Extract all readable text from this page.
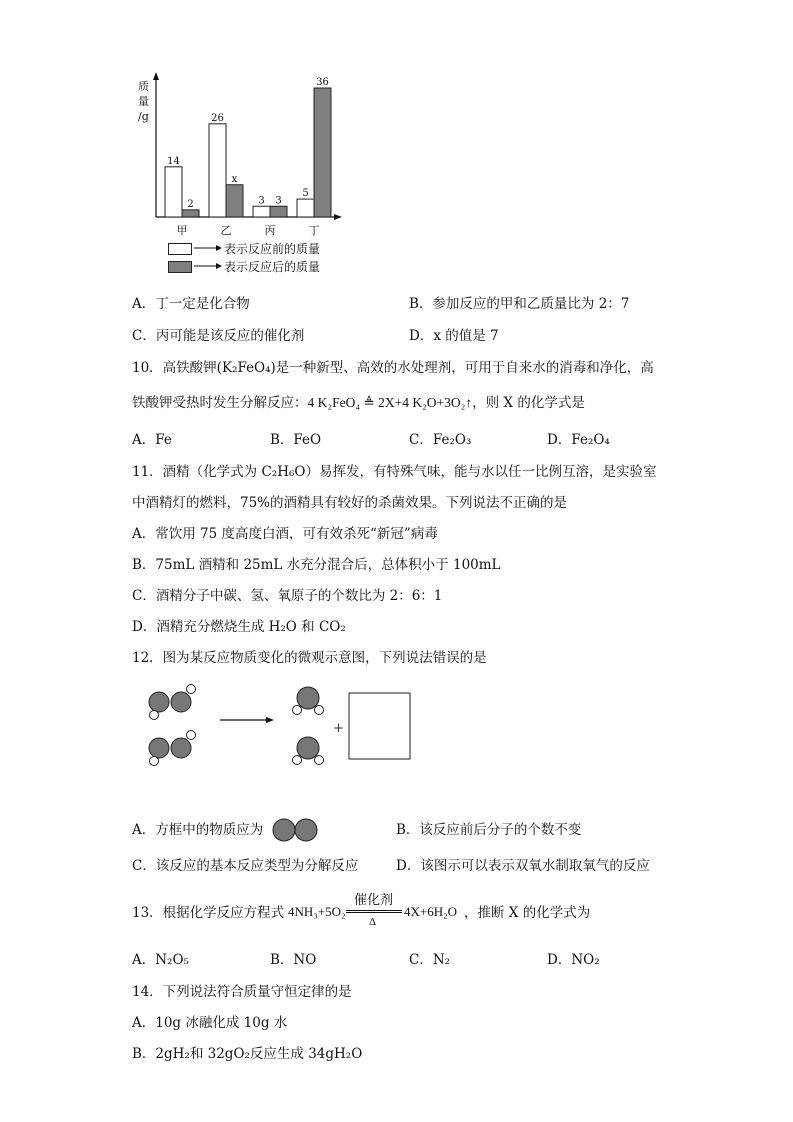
质
量
/g
14
2
26
x
3 3
5
36
甲	乙	丙	丁
表示反应前的质量
表示反应后的质量
A．丁一定是化合物	B．参加反应的甲和乙质量比为 2：7
C．丙可能是该反应的催化剂	D．x 的值是 7
10．高铁酸钾(K₂FeO₄)是一种新型、高效的水处理剂，可用于自来水的消毒和净化，高
铁酸钾受热时发生分解反应：4 K₂FeO₄ ≜ 2X+4 K₂O+3O₂↑，则 X 的化学式是
A．Fe	B．FeO	C．Fe₂O₃	D．Fe₂O₄
11．酒精（化学式为 C₂H₆O）易挥发，有特殊气味，能与水以任一比例互溶，是实验室
中酒精灯的燃料，75%的酒精具有较好的杀菌效果。下列说法不正确的是
A．常饮用 75 度高度白酒，可有效杀死“新冠”病毒
B．75mL 酒精和 25mL 水充分混合后，总体积小于 100mL
C．酒精分子中碳、氢、氧原子的个数比为 2：6：1
D．酒精充分燃烧生成 H₂O 和 CO₂
12．图为某反应物质变化的微观示意图，下列说法错误的是
+
A．方框中的物质应为	B．该反应前后分子的个数不变
C．该反应的基本反应类型为分解反应	D．该图示可以表示双氧水制取氧气的反应
13．根据化学反应方程式 4NH₃+5O₂
催化剂
Δ
4X+6H₂O ，推断 X 的化学式为
A．N₂O₅	B．NO	C．N₂	D．NO₂
14．下列说法符合质量守恒定律的是
A．10g 冰融化成 10g 水
B．2gH₂和 32gO₂反应生成 34gH₂O
